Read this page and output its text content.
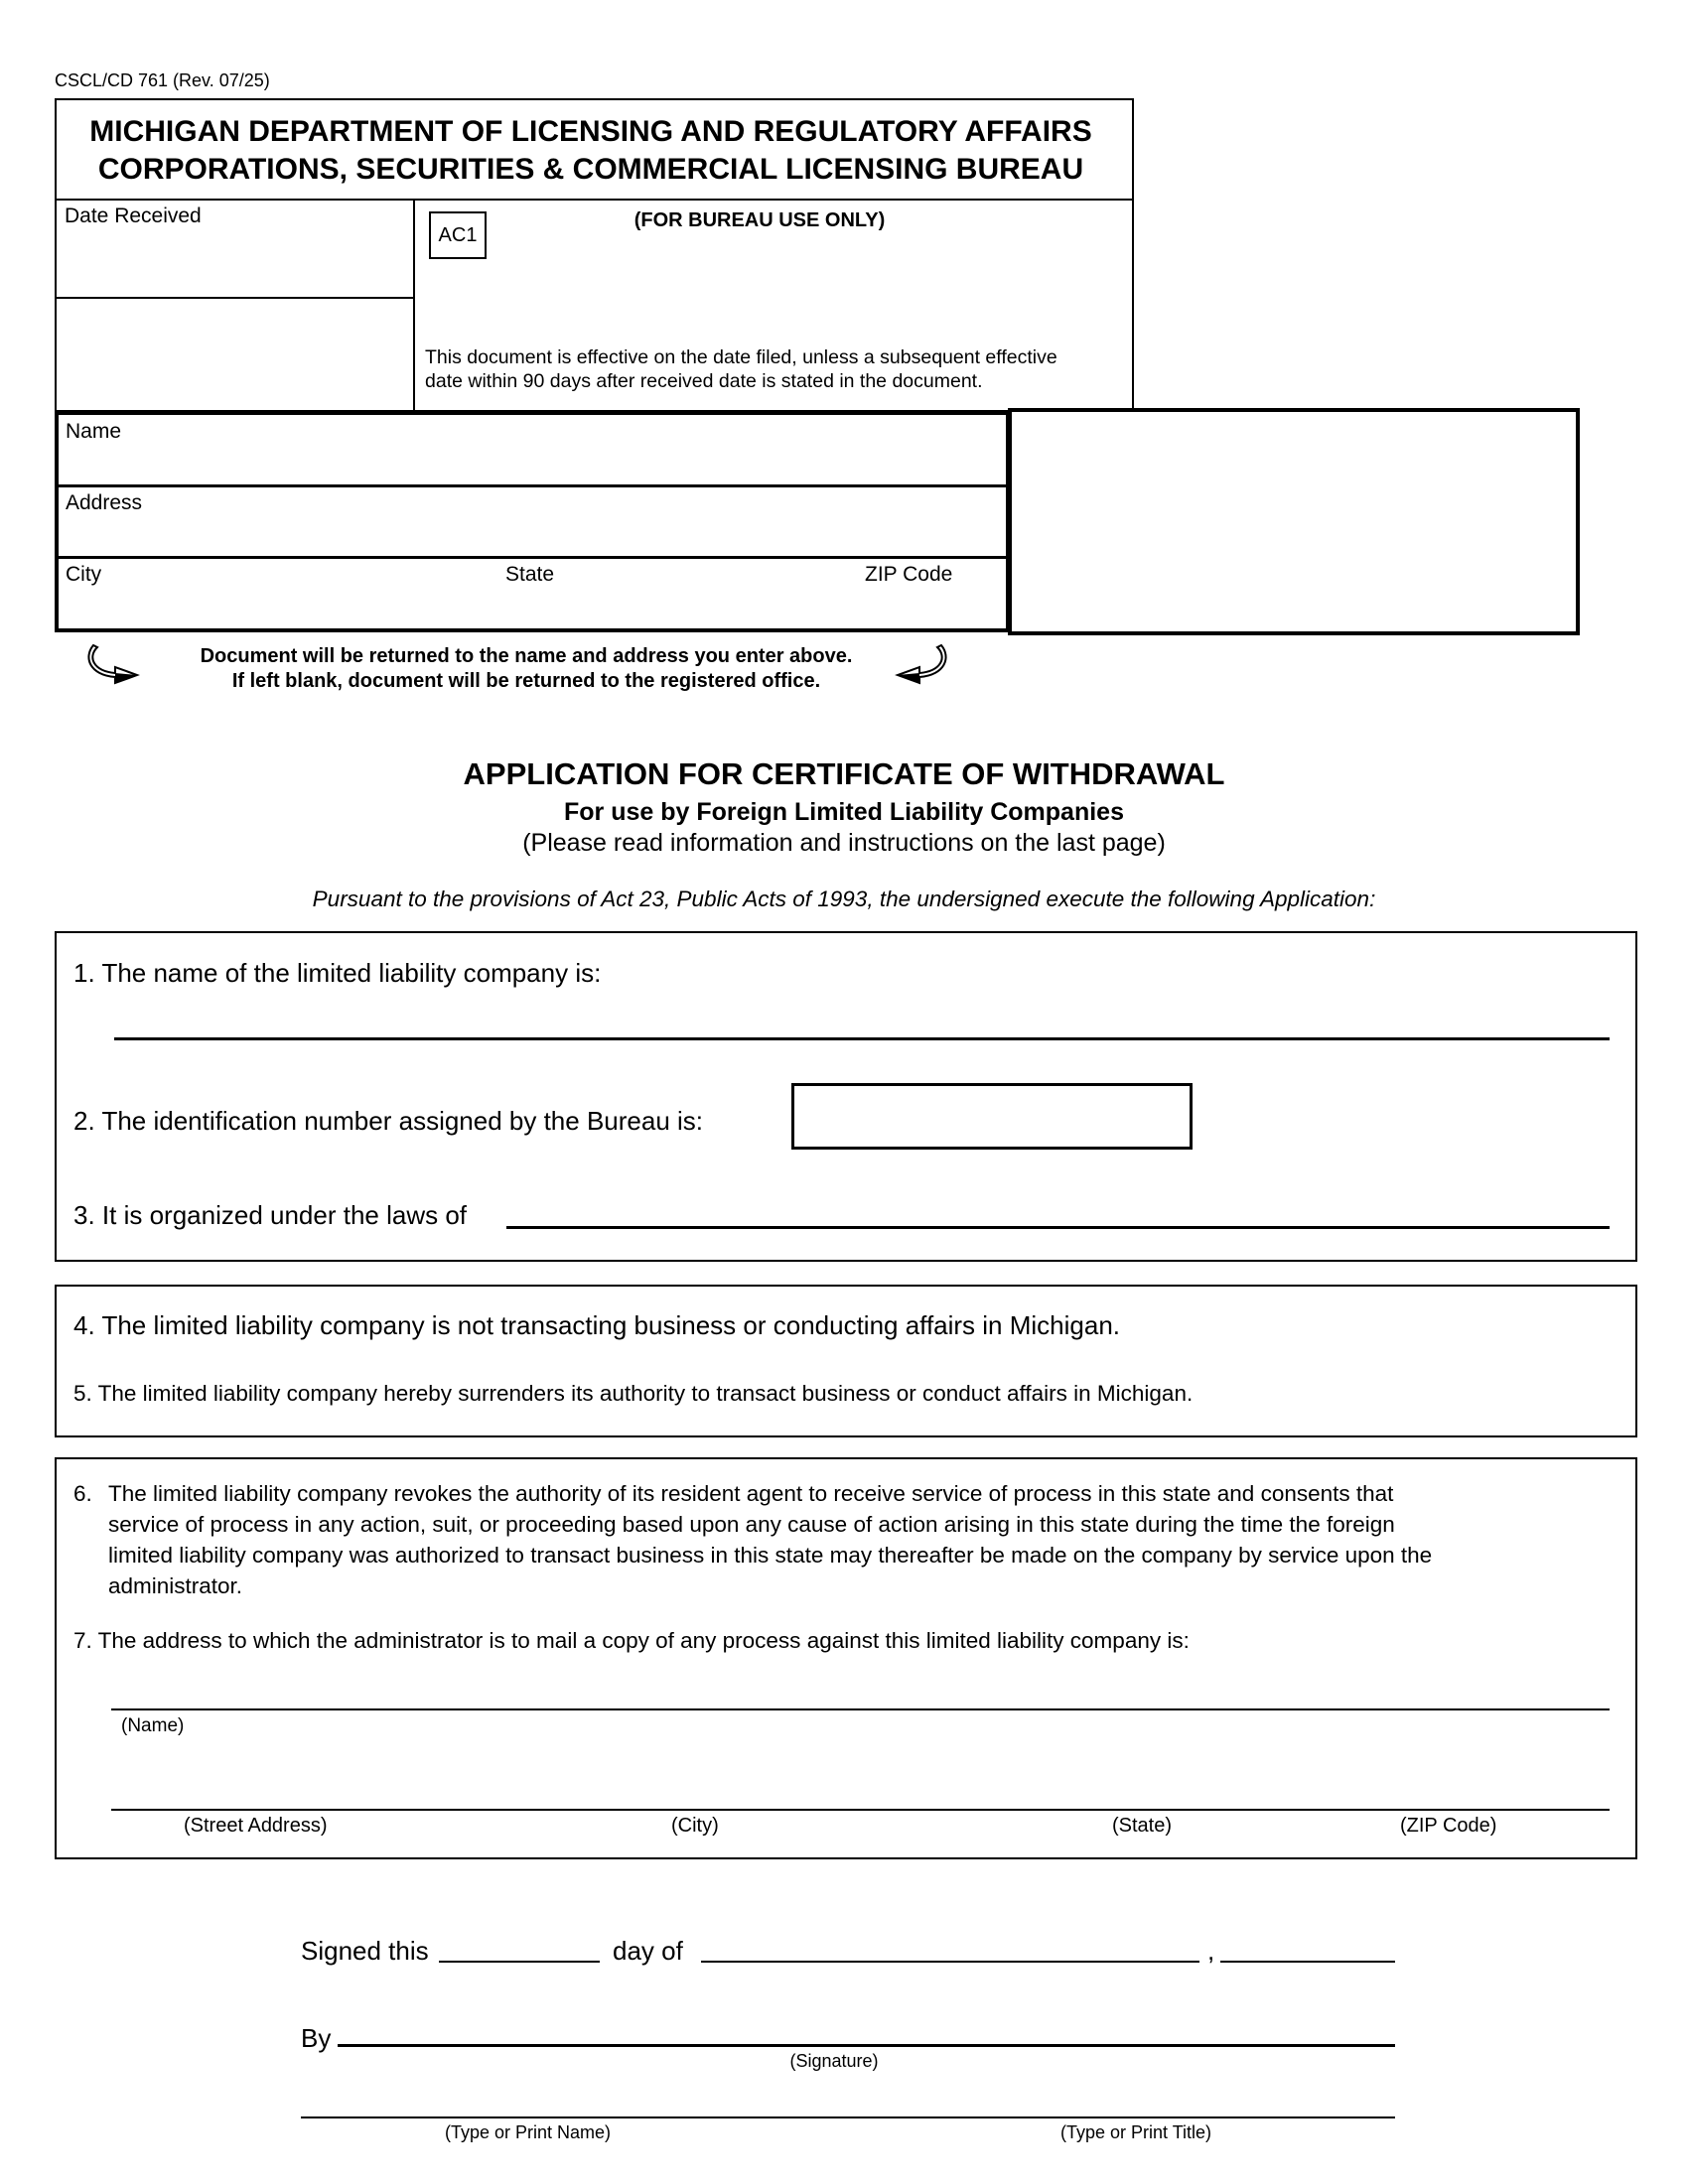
CSCL/CD 761 (Rev. 07/25)
MICHIGAN DEPARTMENT OF LICENSING AND REGULATORY AFFAIRS
CORPORATIONS, SECURITIES & COMMERCIAL LICENSING BUREAU
Date Received
AC1
(FOR BUREAU USE ONLY)
This document is effective on the date filed, unless a subsequent effective
date within 90 days after received date is stated in the document.
Name
Address
City	State	ZIP Code
Document will be returned to the name and address you enter above.
If left blank, document will be returned to the registered office.
APPLICATION FOR CERTIFICATE OF WITHDRAWAL
For use by Foreign Limited Liability Companies
(Please read information and instructions on the last page)
Pursuant to the provisions of Act 23, Public Acts of 1993, the undersigned execute the following Application:
1. The name of the limited liability company is:
2. The identification number assigned by the Bureau is:
3. It is organized under the laws of
4. The limited liability company is not transacting business or conducting affairs in Michigan.
5. The limited liability company hereby surrenders its authority to transact business or conduct affairs in Michigan.
6. The limited liability company revokes the authority of its resident agent to receive service of process in this state and consents that
service of process in any action, suit, or proceeding based upon any cause of action arising in this state during the time the foreign
limited liability company was authorized to transact business in this state may thereafter be made on the company by service upon the
administrator.
7. The address to which the administrator is to mail a copy of any process against this limited liability company is:
(Name)
(Street Address)	(City)	(State)	(ZIP Code)
Signed this	day of	,
By
(Signature)
(Type or Print Name)	(Type or Print Title)
